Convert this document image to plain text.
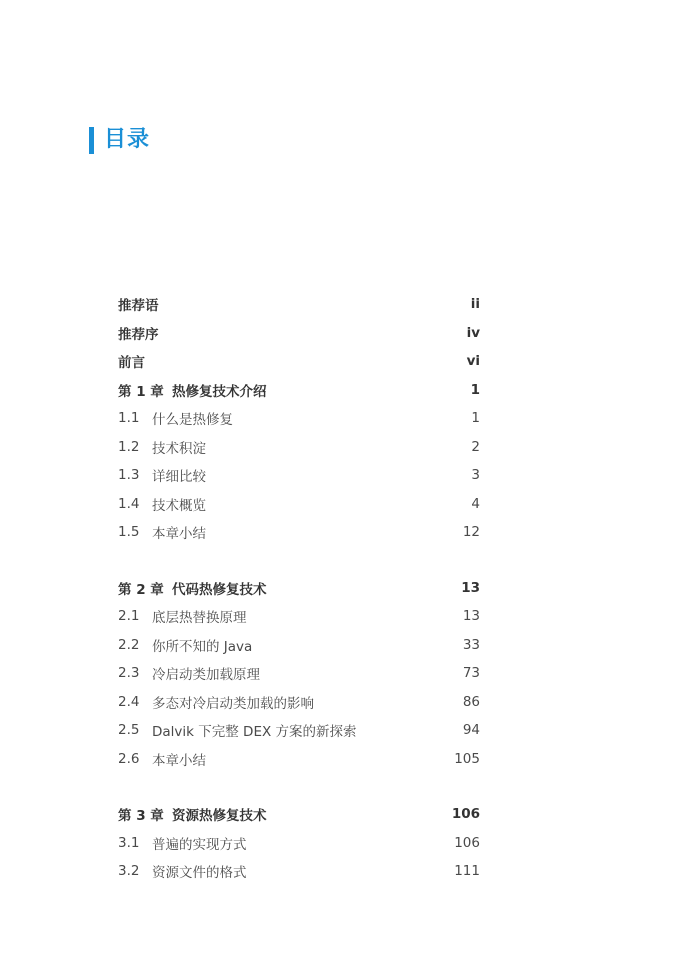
目录
推荐语	ii
推荐序	iv
前言	vi
第 1 章 热修复技术介绍	1
1.1 什么是热修复	1
1.2 技术积淀	2
1.3 详细比较	3
1.4 技术概览	4
1.5 本章小结	12
第 2 章 代码热修复技术	13
2.1 底层热替换原理	13
2.2 你所不知的 Java	33
2.3 冷启动类加载原理	73
2.4 多态对冷启动类加载的影响	86
2.5 Dalvik 下完整 DEX 方案的新探索	94
2.6 本章小结	105
第 3 章 资源热修复技术	106
3.1 普遍的实现方式	106
3.2 资源文件的格式	111
